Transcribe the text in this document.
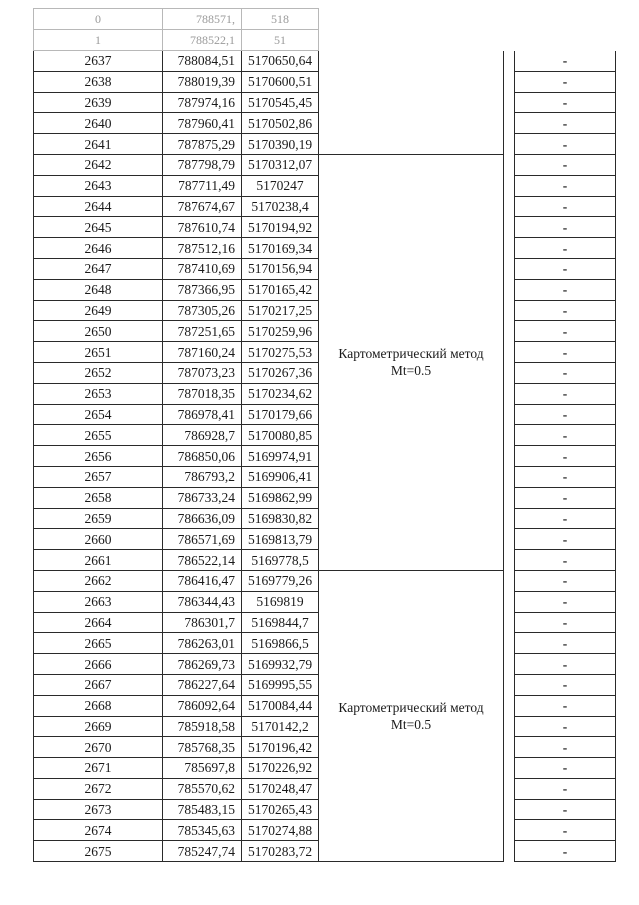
0	788571,	518			
1	788522,1	51			
2637	788084,51	5170650,64			-
2638	788019,39	5170600,51			-
2639	787974,16	5170545,45			-
2640	787960,41	5170502,86			-
2641	787875,29	5170390,19			-
2642	787798,79	5170312,07	Картометрический метод Mt=0.5		-
2643	787711,49	5170247			-
2644	787674,67	5170238,4			-
2645	787610,74	5170194,92			-
2646	787512,16	5170169,34			-
2647	787410,69	5170156,94			-
2648	787366,95	5170165,42			-
2649	787305,26	5170217,25			-
2650	787251,65	5170259,96			-
2651	787160,24	5170275,53			-
2652	787073,23	5170267,36			-
2653	787018,35	5170234,62			-
2654	786978,41	5170179,66			-
2655	786928,7	5170080,85			-
2656	786850,06	5169974,91			-
2657	786793,2	5169906,41			-
2658	786733,24	5169862,99			-
2659	786636,09	5169830,82			-
2660	786571,69	5169813,79			-
2661	786522,14	5169778,5			-
2662	786416,47	5169779,26	Картометрический метод Mt=0.5		-
2663	786344,43	5169819			-
2664	786301,7	5169844,7			-
2665	786263,01	5169866,5			-
2666	786269,73	5169932,79			-
2667	786227,64	5169995,55			-
2668	786092,64	5170084,44			-
2669	785918,58	5170142,2			-
2670	785768,35	5170196,42			-
2671	785697,8	5170226,92			-
2672	785570,62	5170248,47			-
2673	785483,15	5170265,43			-
2674	785345,63	5170274,88			-
2675	785247,74	5170283,72			-
